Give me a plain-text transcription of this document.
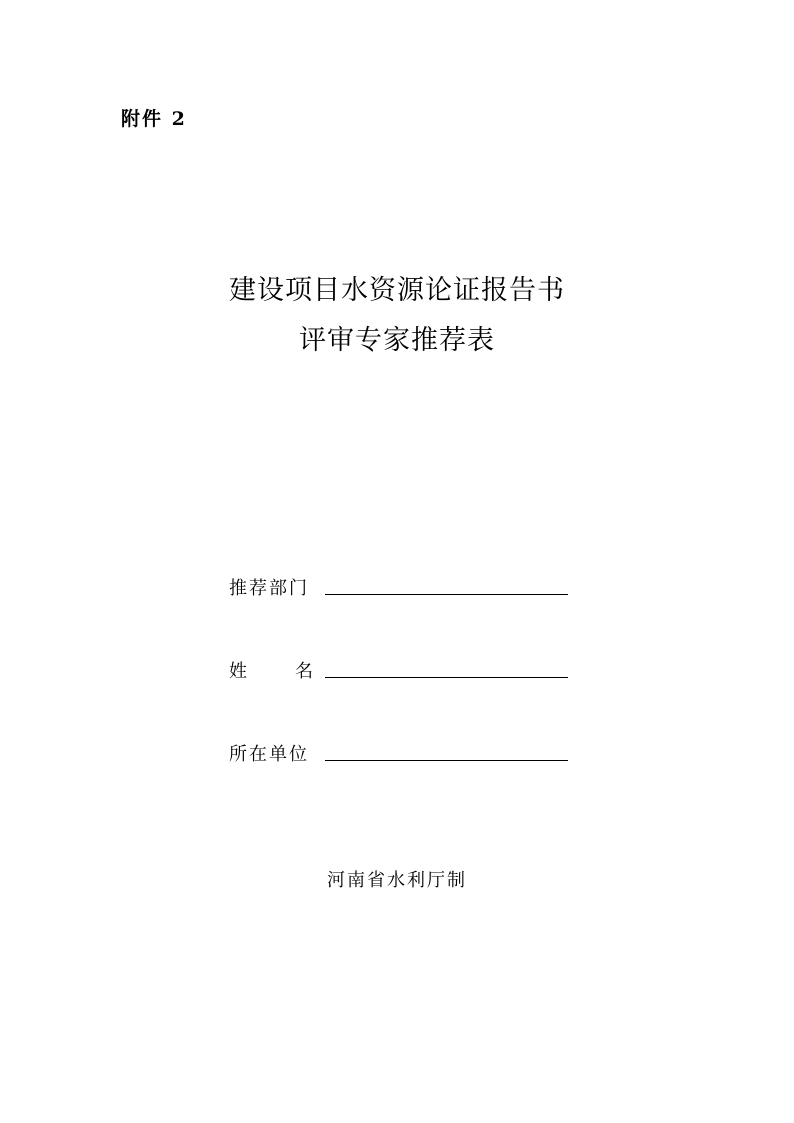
附件 2
建设项目水资源论证报告书
评审专家推荐表
推荐部门
姓	名
所在单位
河南省水利厅制
